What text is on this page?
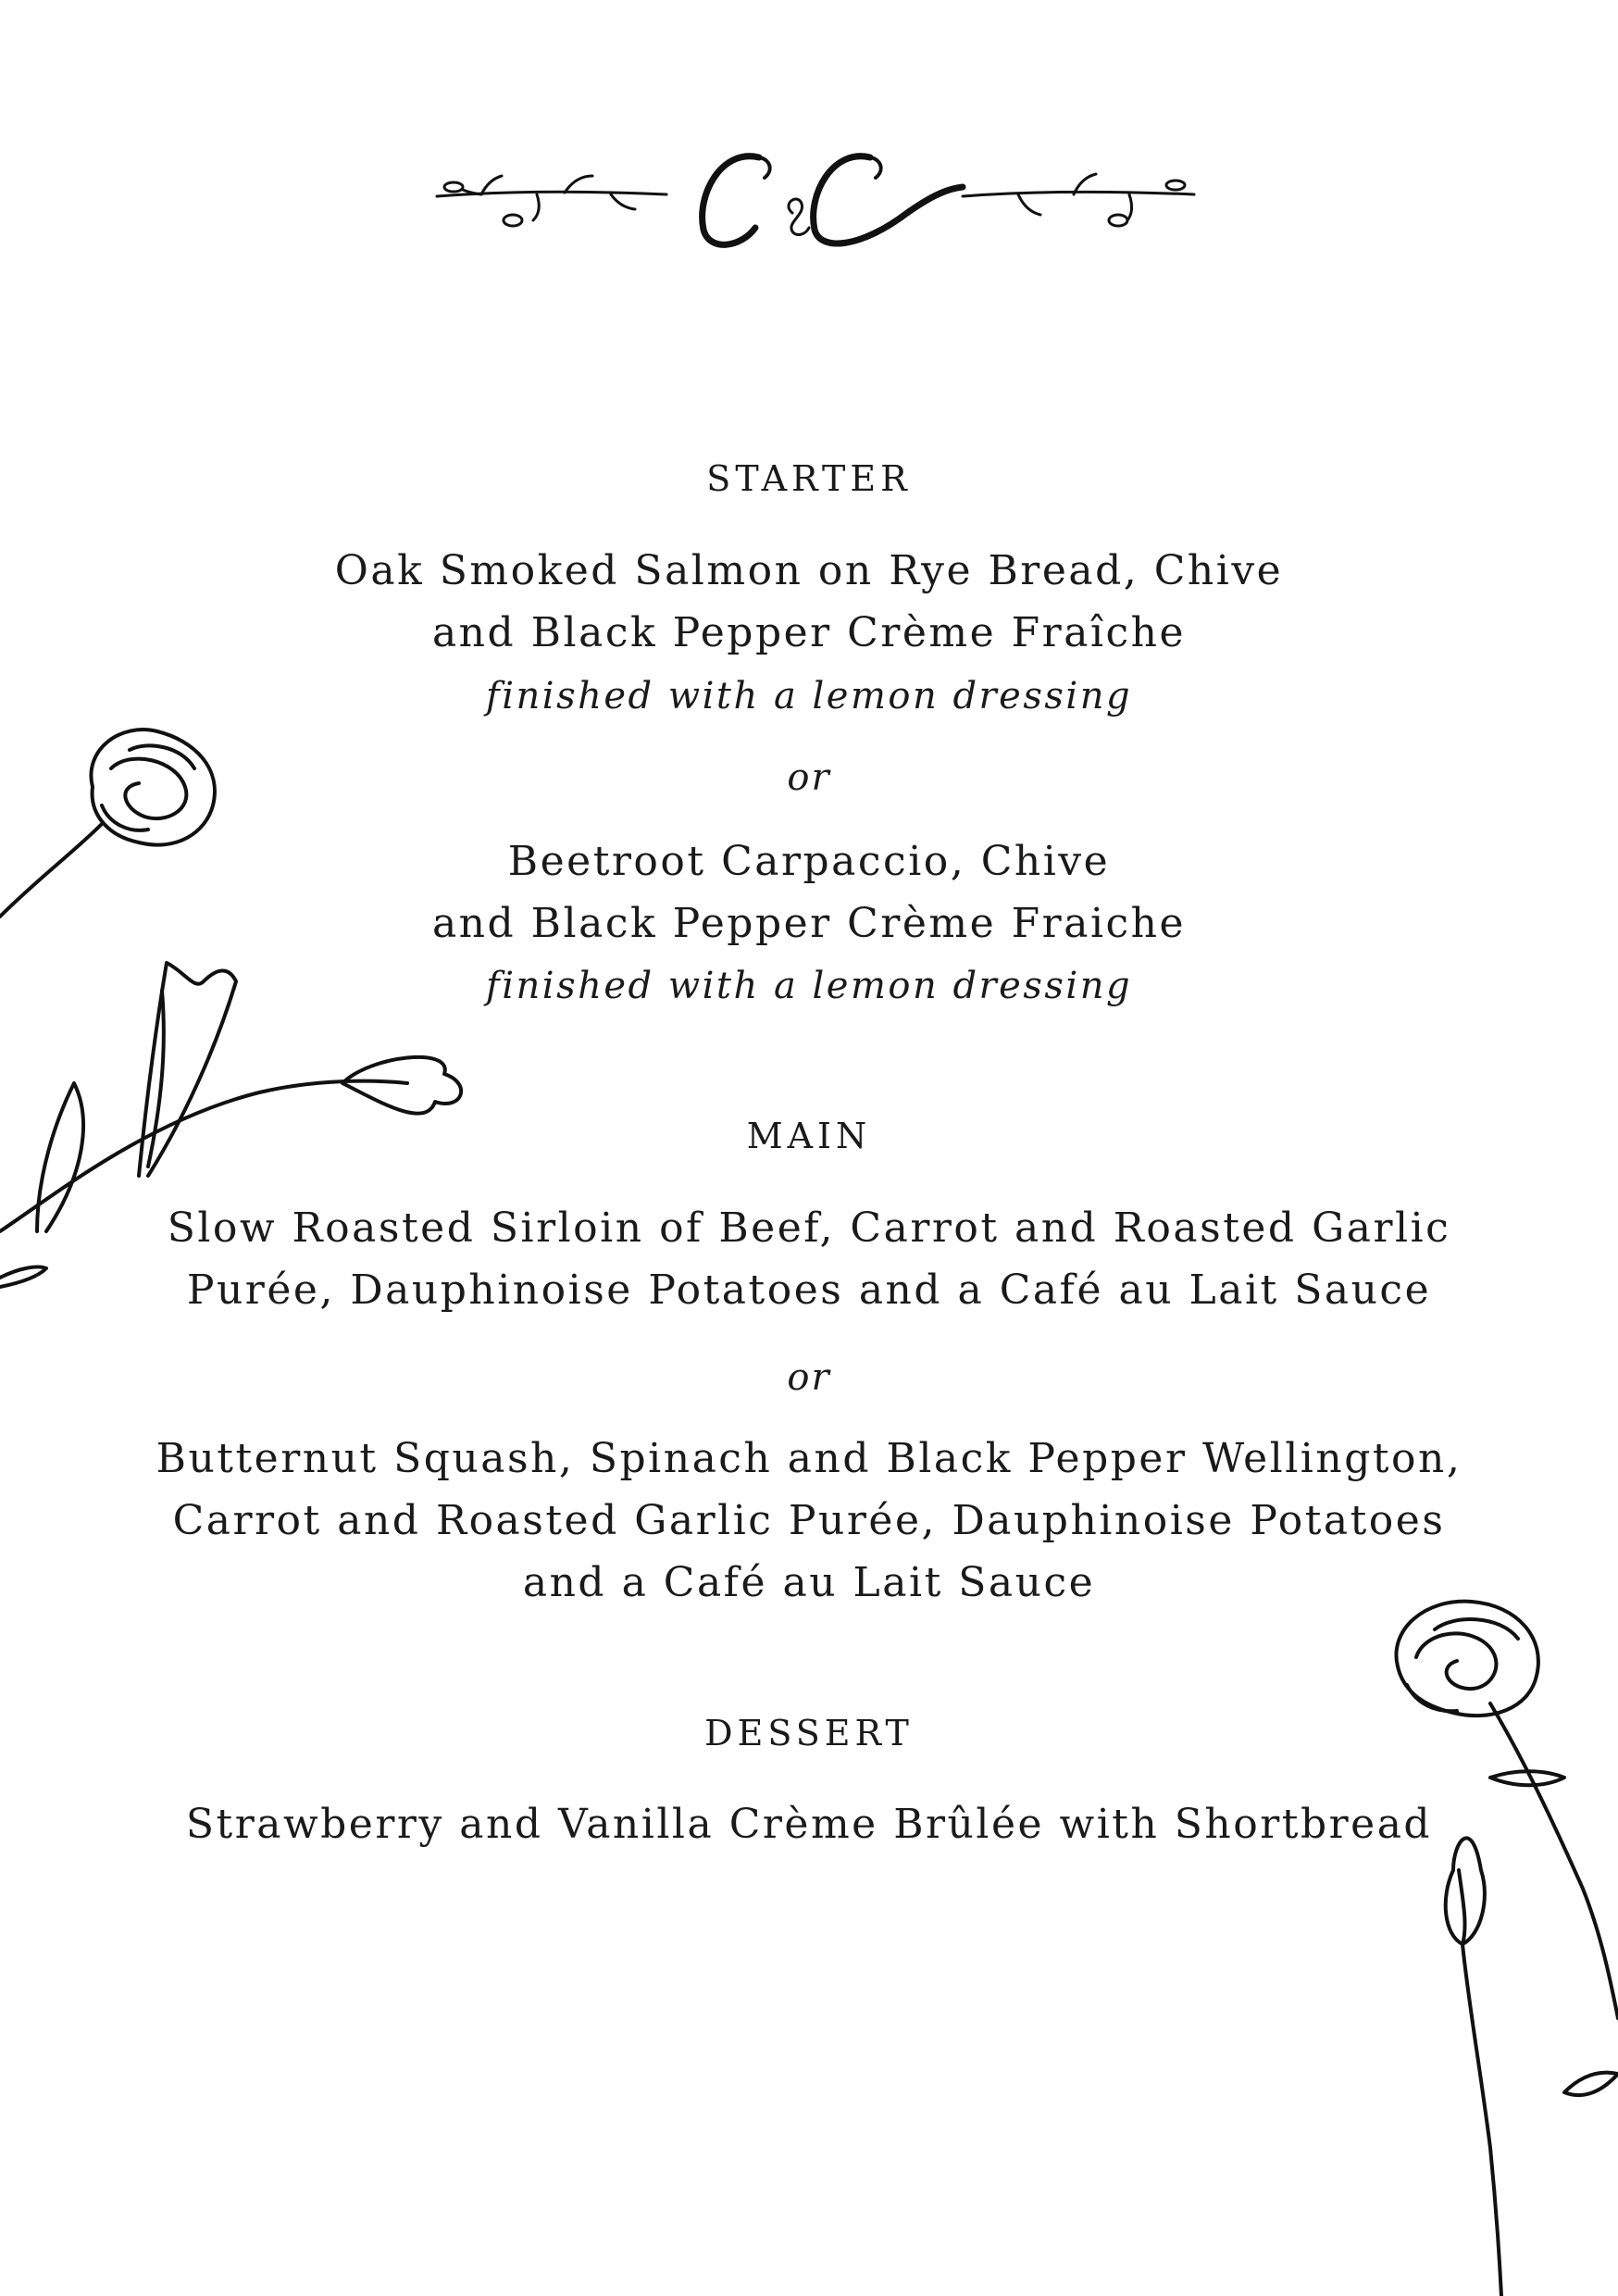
STARTER
Oak Smoked Salmon on Rye Bread, Chive
and Black Pepper Crème Fraîche
finished with a lemon dressing
or
Beetroot Carpaccio, Chive
and Black Pepper Crème Fraiche
finished with a lemon dressing
MAIN
Slow Roasted Sirloin of Beef, Carrot and Roasted Garlic
Purée, Dauphinoise Potatoes and a Café au Lait Sauce
or
Butternut Squash, Spinach and Black Pepper Wellington,
Carrot and Roasted Garlic Purée, Dauphinoise Potatoes
and a Café au Lait Sauce
DESSERT
Strawberry and Vanilla Crème Brûlée with Shortbread
